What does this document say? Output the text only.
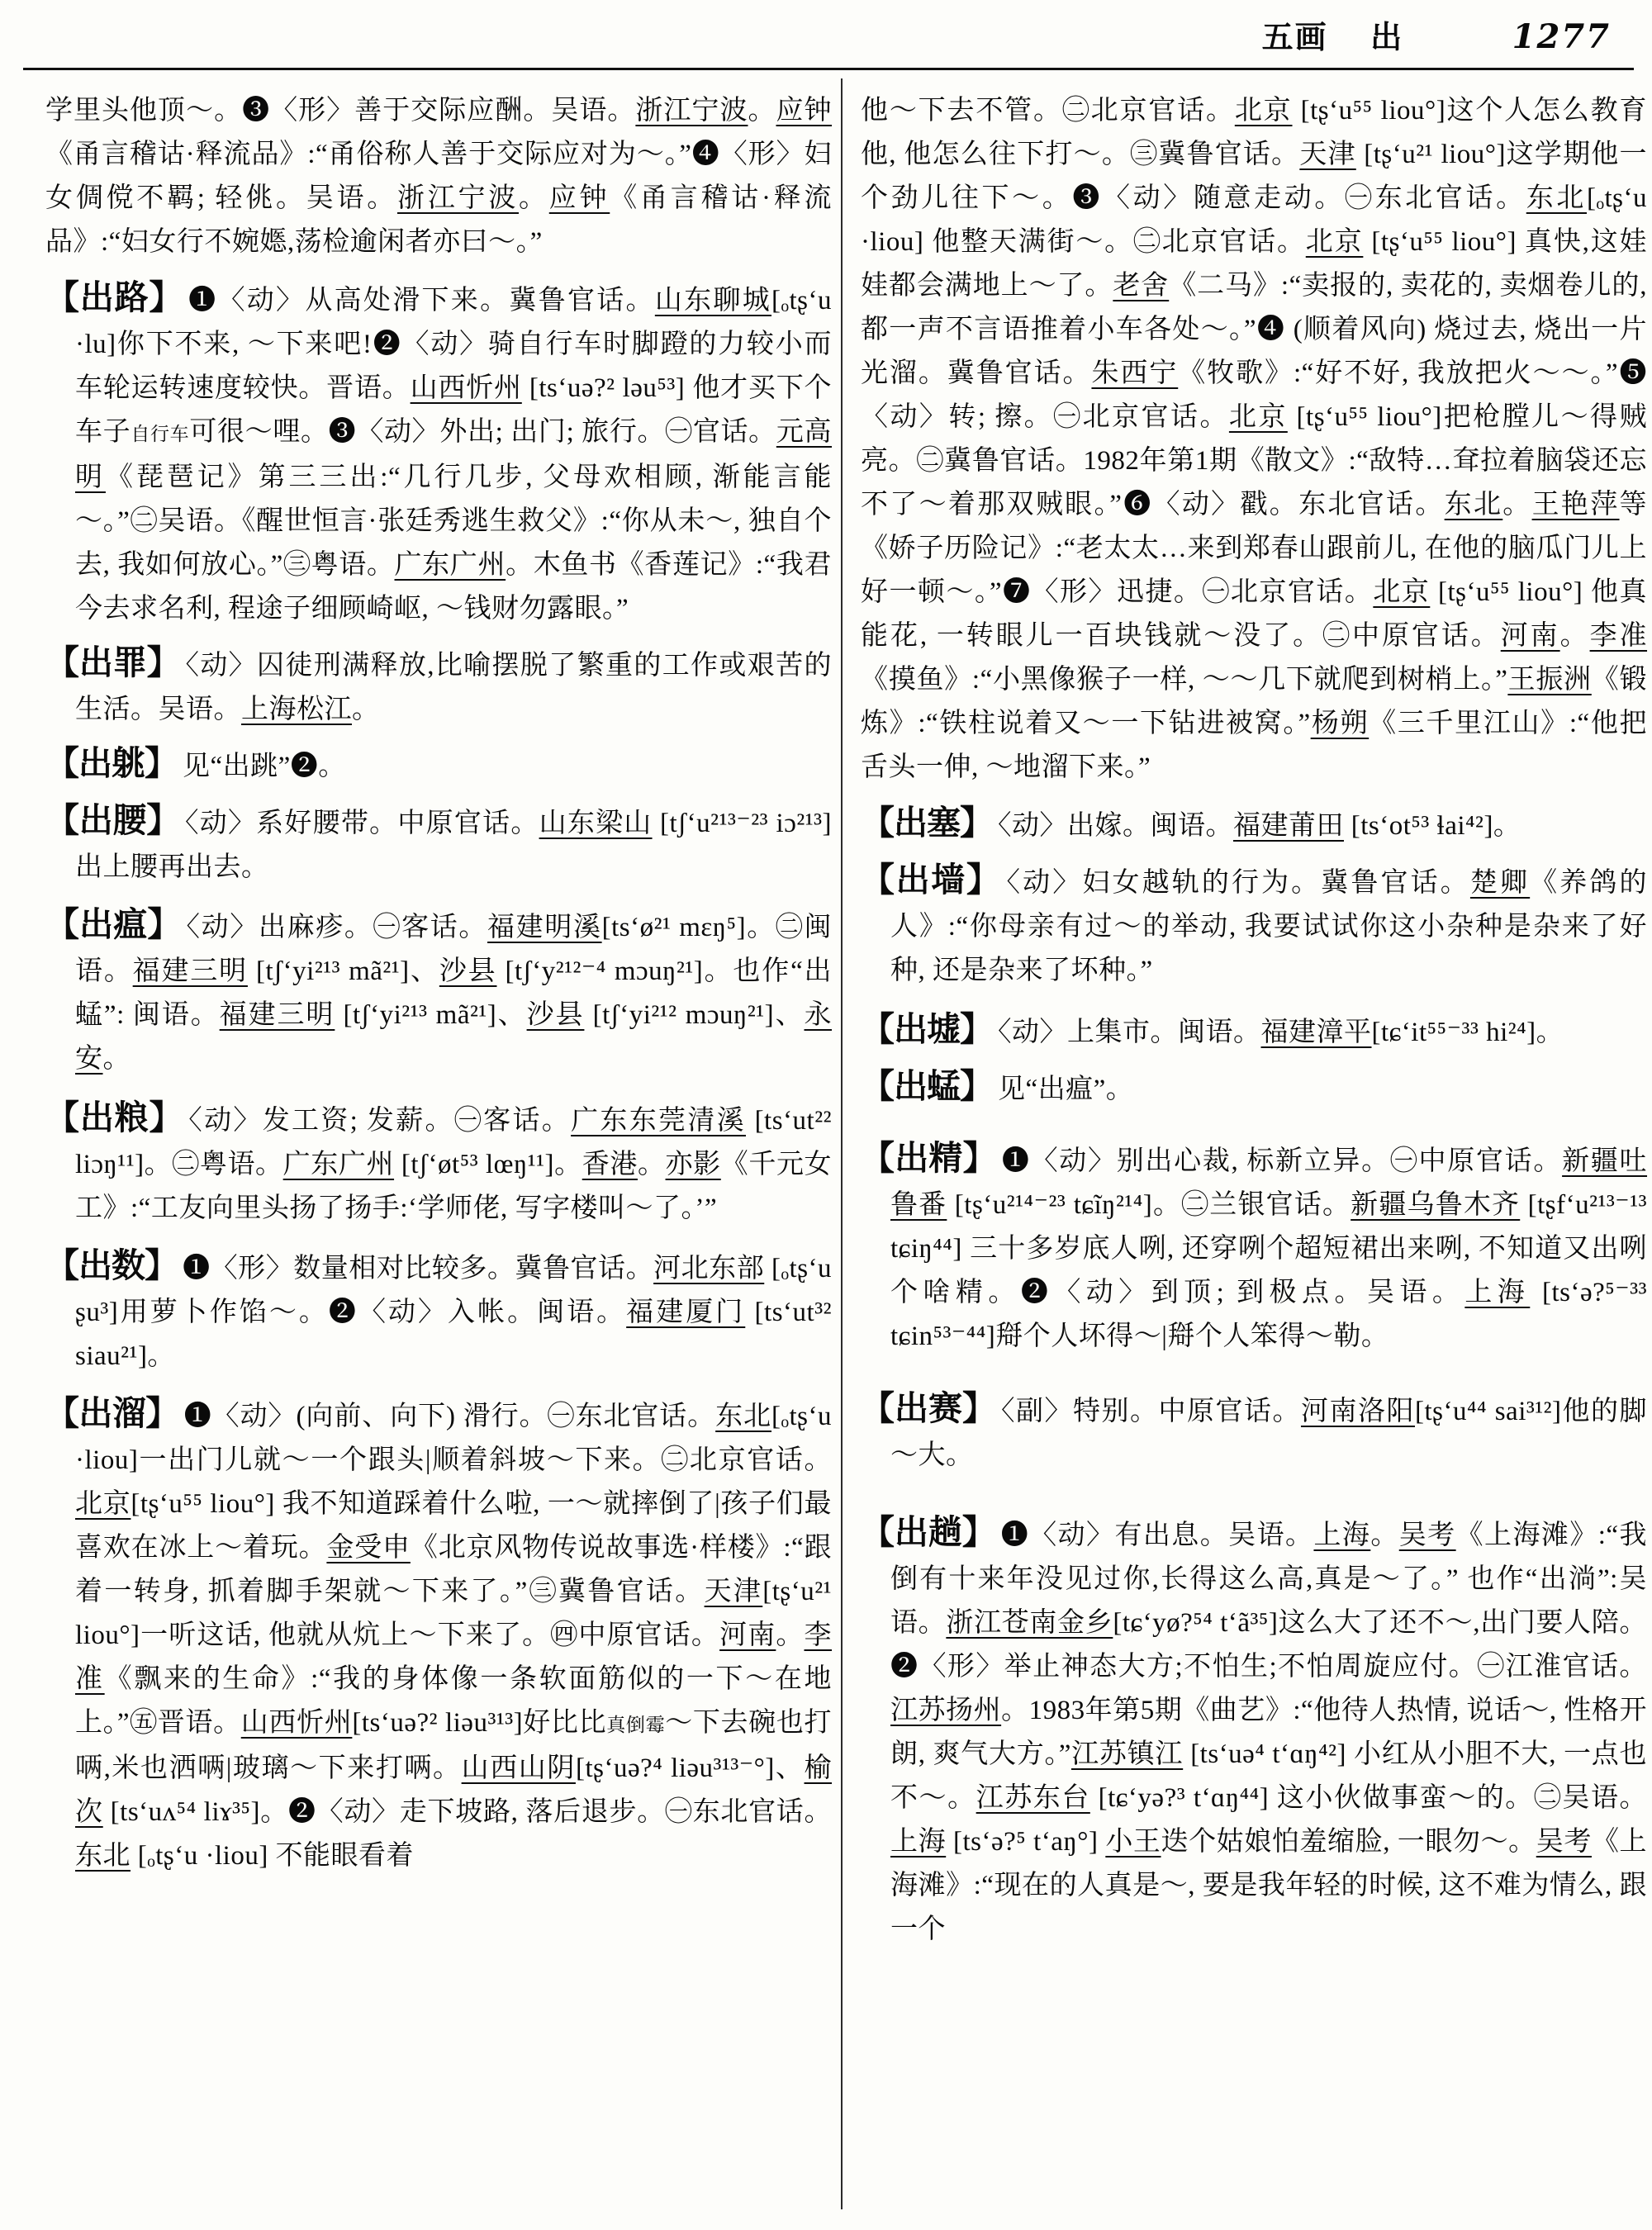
五画 出	1277
学里头他顶～。❸〈形〉善于交际应酬。吴语。浙江宁波。应钟《甬言稽诂·释流品》:“甬俗称人善于交际应对为～。”❹〈形〉妇女倜傥不羁; 轻佻。吴语。浙江宁波。应钟《甬言稽诂·释流品》:“妇女行不婉嫕,荡检逾闲者亦曰～。”
【出路】 ❶〈动〉从高处滑下来。冀鲁官话。山东聊城[ₒtʂ‘u ·lu]你下不来, ～下来吧!❷〈动〉骑自行车时脚蹬的力较小而车轮运转速度较快。晋语。山西忻州 [ts‘uə?² ləu⁵³] 他才买下个车子自行车可很～哩。❸〈动〉外出; 出门; 旅行。㊀官话。元高明《琵琶记》第三三出:“几行几步, 父母欢相顾, 渐能言能～。”㊁吴语。《醒世恒言·张廷秀逃生救父》:“你从未～, 独自个去, 我如何放心。”㊂粤语。广东广州。木鱼书《香莲记》:“我君今去求名利, 程途子细顾崎岖, ～钱财勿露眼。”
【出罪】 〈动〉囚徒刑满释放,比喻摆脱了繁重的工作或艰苦的生活。吴语。上海松江。
【出䠷】 见“出跳”❷。
【出腰】 〈动〉系好腰带。中原官话。山东梁山 [tʃ‘u²¹³⁻²³ iɔ²¹³] 出上腰再出去。
【出瘟】 〈动〉出麻疹。㊀客话。福建明溪[ts‘ø²¹ mɛŋ⁵]。㊁闽语。福建三明 [tʃ‘yi²¹³ mã²¹]、沙县 [tʃ‘y²¹²⁻⁴ mɔuŋ²¹]。也作“出蜢”: 闽语。福建三明 [tʃ‘yi²¹³ mã²¹]、沙县 [tʃ‘yi²¹² mɔuŋ²¹]、永安。
【出粮】 〈动〉发工资; 发薪。㊀客话。广东东莞清溪 [ts‘ut²² liɔŋ¹¹]。㊁粤语。广东广州 [tʃ‘øt⁵³ lœŋ¹¹]。香港。亦影《千元女工》:“工友向里头扬了扬手:‘学师佬, 写字楼叫～了。’”
【出数】 ❶〈形〉数量相对比较多。冀鲁官话。河北东部 [ₒtʂ‘u ʂu³]用萝卜作馅～。❷〈动〉入帐。闽语。福建厦门 [ts‘ut³² siau²¹]。
【出溜】 ❶〈动〉(向前、向下) 滑行。㊀东北官话。东北[ₒtʂ‘u ·liou]一出门儿就～一个跟头|顺着斜坡～下来。㊁北京官话。北京[tʂ‘u⁵⁵ liou°] 我不知道踩着什么啦, 一～就摔倒了|孩子们最喜欢在冰上～着玩。金受申《北京风物传说故事选·样楼》:“跟着一转身, 抓着脚手架就～下来了。”㊂冀鲁官话。天津[tʂ‘u²¹ liou°]一听这话, 他就从炕上～下来了。㊃中原官话。河南。李准《飘来的生命》:“我的身体像一条软面筋似的一下～在地上。”㊄晋语。山西忻州[ts‘uə?² liəu³¹³]好比比真倒霉～下去碗也打唡,米也洒唡|玻璃～下来打唡。山西山阴[tʂ‘uə?⁴ liəu³¹³⁻°]、榆次 [ts‘uʌ⁵⁴ liɤ³⁵]。❷〈动〉走下坡路, 落后退步。㊀东北官话。东北 [ₒtʂ‘u ·liou] 不能眼看着
他～下去不管。㊁北京官话。北京 [tʂ‘u⁵⁵ liou°]这个人怎么教育他, 他怎么往下打～。㊂冀鲁官话。天津 [tʂ‘u²¹ liou°]这学期他一个劲儿往下～。❸〈动〉随意走动。㊀东北官话。东北[ₒtʂ‘u ·liou] 他整天满街～。㊁北京官话。北京 [tʂ‘u⁵⁵ liou°] 真快,这娃娃都会满地上～了。老舍《二马》:“卖报的, 卖花的, 卖烟卷儿的, 都一声不言语推着小车各处～。”❹ (顺着风向) 烧过去, 烧出一片光溜。冀鲁官话。朱西宁《牧歌》:“好不好, 我放把火～～。”❺〈动〉转; 擦。㊀北京官话。北京 [tʂ‘u⁵⁵ liou°]把枪膛儿～得贼亮。㊁冀鲁官话。1982年第1期《散文》:“敌特…耷拉着脑袋还忘不了～着那双贼眼。”❻〈动〉戳。东北官话。东北。王艳萍等《娇子历险记》:“老太太…来到郑春山跟前儿, 在他的脑瓜门儿上好一顿～。”❼〈形〉迅捷。㊀北京官话。北京 [tʂ‘u⁵⁵ liou°] 他真能花, 一转眼儿一百块钱就～没了。㊁中原官话。河南。李准《摸鱼》:“小黑像猴子一样, ～～几下就爬到树梢上。”王振洲《锻炼》:“铁柱说着又～一下钻进被窝。”杨朔《三千里江山》:“他把舌头一伸, ～地溜下来。”
【出塞】 〈动〉出嫁。闽语。福建莆田 [ts‘ot⁵³ ɬai⁴²]。
【出墙】 〈动〉妇女越轨的行为。冀鲁官话。楚卿《养鸽的人》:“你母亲有过～的举动, 我要试试你这小杂种是杂来了好种, 还是杂来了坏种。”
【出墟】 〈动〉上集市。闽语。福建漳平[tɕ‘it⁵⁵⁻³³ hi²⁴]。
【出蜢】 见“出瘟”。
【出精】 ❶〈动〉别出心裁, 标新立异。㊀中原官话。新疆吐鲁番 [tʂ‘u²¹⁴⁻²³ tɕĩŋ²¹⁴]。㊁兰银官话。新疆乌鲁木齐 [tʂf‘u²¹³⁻¹³ tɕiŋ⁴⁴] 三十多岁底人咧, 还穿咧个超短裙出来咧, 不知道又出咧个啥精。❷〈动〉到顶; 到极点。吴语。上海 [ts‘ə?⁵⁻³³ tɕin⁵³⁻⁴⁴]搿个人坏得～|搿个人笨得～勒。
【出赛】 〈副〉特别。中原官话。河南洛阳[tʂ‘u⁴⁴ sai³¹²]他的脚～大。
【出趟】 ❶〈动〉有出息。吴语。上海。吴考《上海滩》:“我倒有十来年没见过你,长得这么高,真是～了。” 也作“出淌”:吴语。浙江苍南金乡[tɕ‘yø?⁵⁴ t‘ã³⁵]这么大了还不～,出门要人陪。❷〈形〉举止神态大方;不怕生;不怕周旋应付。㊀江淮官话。江苏扬州。1983年第5期《曲艺》:“他待人热情, 说话～, 性格开朗, 爽气大方。”江苏镇江 [ts‘uə⁴ t‘ɑŋ⁴²] 小红从小胆不大, 一点也不～。江苏东台 [tɕ‘yə?³ t‘ɑŋ⁴⁴] 这小伙做事蛮～的。㊁吴语。上海 [ts‘ə?⁵ t‘aŋ°] 小王迭个姑娘怕羞缩脸, 一眼勿～。吴考《上海滩》:“现在的人真是～, 要是我年轻的时候, 这不难为情么, 跟一个
